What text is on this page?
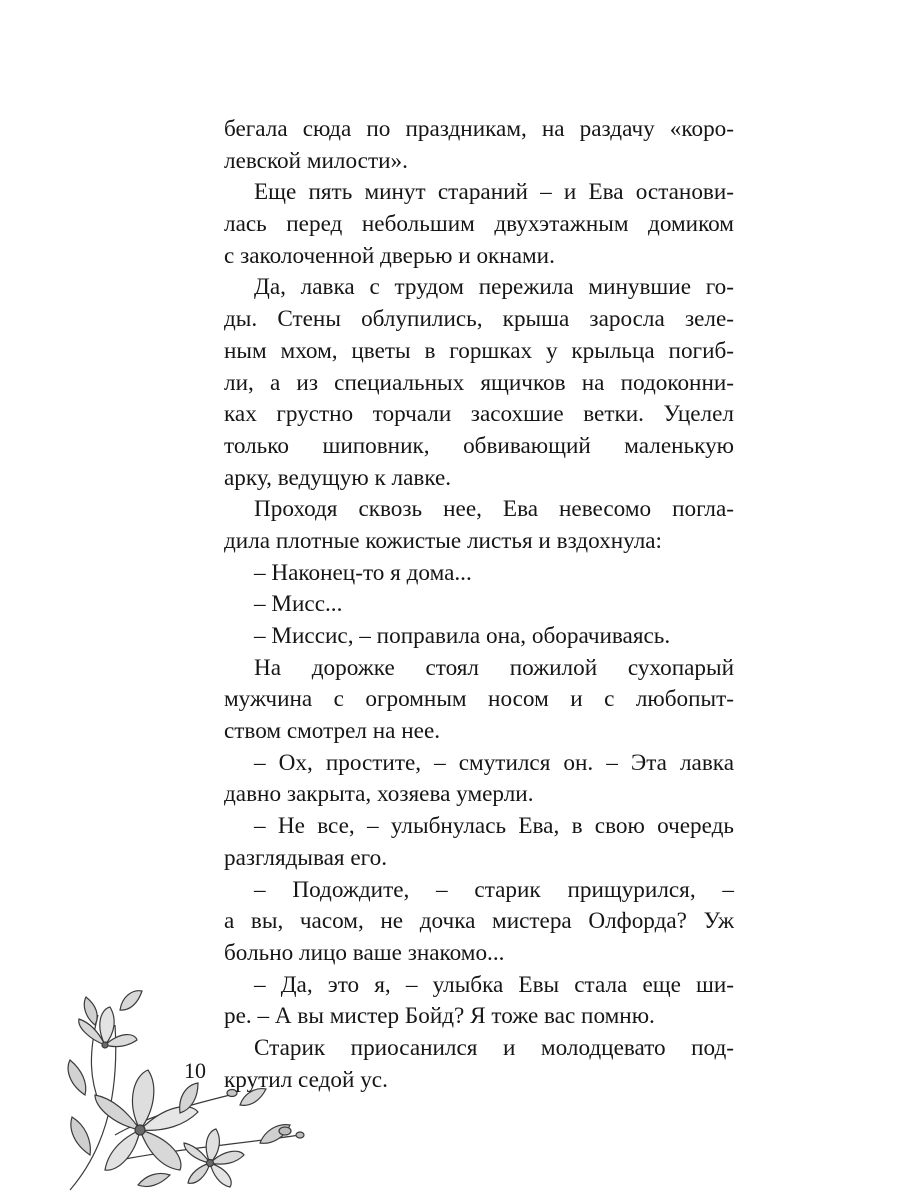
бегала сюда по праздникам, на раздачу «коро-
левской милости».
Еще пять минут стараний – и Ева останови-
лась перед небольшим двухэтажным домиком
с заколоченной дверью и окнами.
Да, лавка с трудом пережила минувшие го-
ды. Стены облупились, крыша заросла зеле-
ным мхом, цветы в горшках у крыльца погиб-
ли, а из специальных ящичков на подоконни-
ках грустно торчали засохшие ветки. Уцелел
только шиповник, обвивающий маленькую
арку, ведущую к лавке.
Проходя сквозь нее, Ева невесомо погла-
дила плотные кожистые листья и вздохнула:
– Наконец-то я дома...
– Мисс...
– Миссис, – поправила она, оборачиваясь.
На дорожке стоял пожилой сухопарый
мужчина с огромным носом и с любопыт-
ством смотрел на нее.
– Ох, простите, – смутился он. – Эта лавка
давно закрыта, хозяева умерли.
– Не все, – улыбнулась Ева, в свою очередь
разглядывая его.
– Подождите, – старик прищурился, –
а вы, часом, не дочка мистера Олфорда? Уж
больно лицо ваше знакомо...
– Да, это я, – улыбка Евы стала еще ши-
ре. – А вы мистер Бойд? Я тоже вас помню.
Старик приосанился и молодцевато под-
крутил седой ус.
10
